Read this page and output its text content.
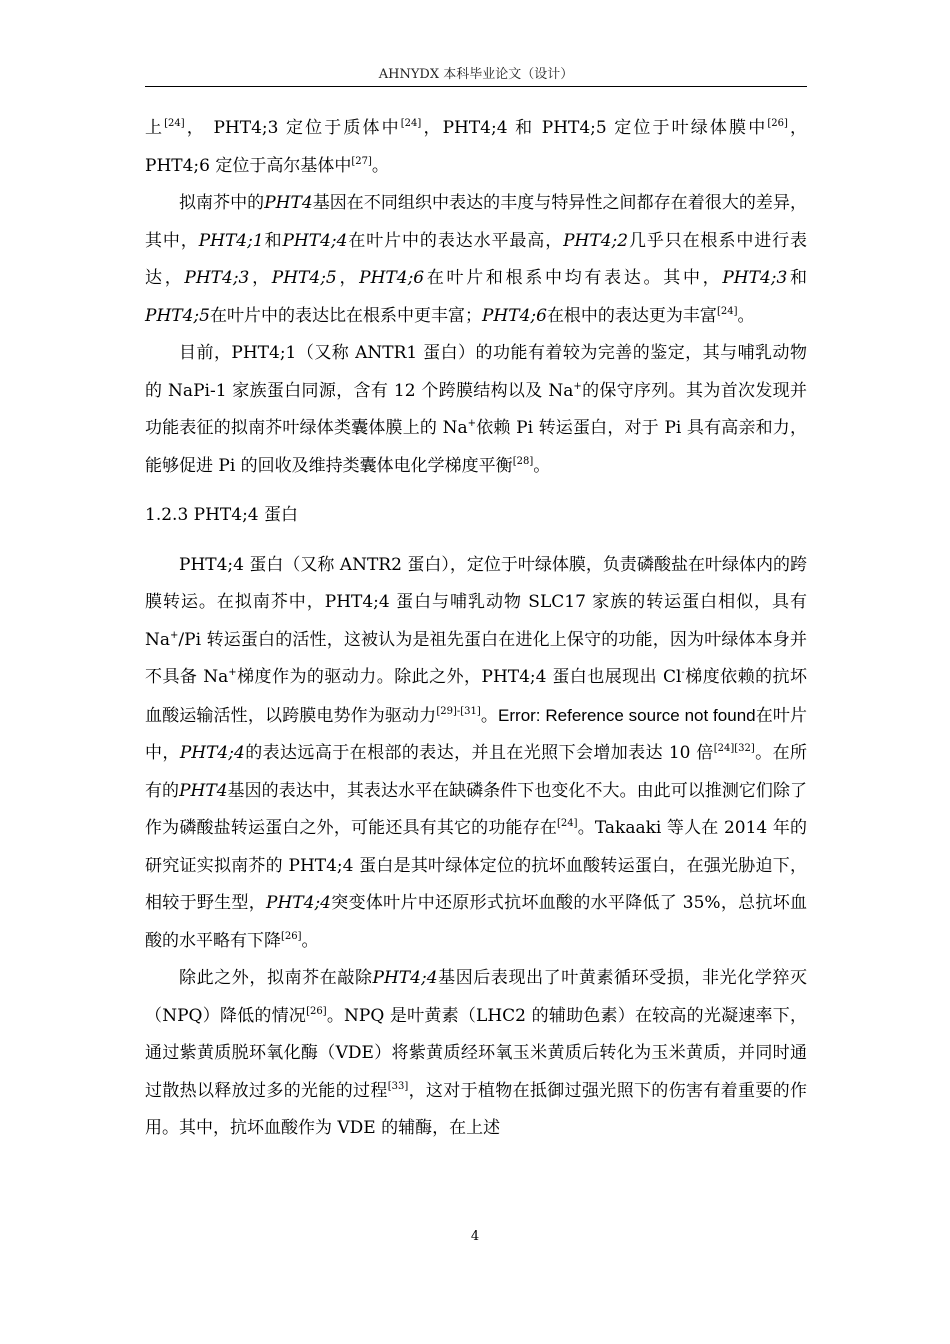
AHNYDX 本科毕业论文（设计）

上[24]， PHT4;3 定位于质体中[24]，PHT4;4 和 PHT4;5 定位于叶绿体膜中[26]，PHT4;6 定位于高尔基体中[27]。

拟南芥中的PHT4基因在不同组织中表达的丰度与特异性之间都存在着很大的差异，其中，PHT4;1和PHT4;4在叶片中的表达水平最高，PHT4;2几乎只在根系中进行表达，PHT4;3，PHT4;5，PHT4;6在叶片和根系中均有表达。其中，PHT4;3和PHT4;5在叶片中的表达比在根系中更丰富；PHT4;6在根中的表达更为丰富[24]。

目前，PHT4;1（又称 ANTR1 蛋白）的功能有着较为完善的鉴定，其与哺乳动物的 NaPi-1 家族蛋白同源，含有 12 个跨膜结构以及 Na+的保守序列。其为首次发现并功能表征的拟南芥叶绿体类囊体膜上的 Na+依赖 Pi 转运蛋白，对于 Pi 具有高亲和力，能够促进 Pi 的回收及维持类囊体电化学梯度平衡[28]。

1.2.3 PHT4;4 蛋白

PHT4;4 蛋白（又称 ANTR2 蛋白），定位于叶绿体膜，负责磷酸盐在叶绿体内的跨膜转运。在拟南芥中，PHT4;4 蛋白与哺乳动物 SLC17 家族的转运蛋白相似，具有 Na+/Pi 转运蛋白的活性，这被认为是祖先蛋白在进化上保守的功能，因为叶绿体本身并不具备 Na+梯度作为的驱动力。除此之外，PHT4;4 蛋白也展现出 Cl-梯度依赖的抗坏血酸运输活性，以跨膜电势作为驱动力[29]-[31]。Error: Reference source not found在叶片中，PHT4;4的表达远高于在根部的表达，并且在光照下会增加表达 10 倍[24][32]。在所有的PHT4基因的表达中，其表达水平在缺磷条件下也变化不大。由此可以推测它们除了作为磷酸盐转运蛋白之外，可能还具有其它的功能存在[24]。Takaaki 等人在 2014 年的研究证实拟南芥的 PHT4;4 蛋白是其叶绿体定位的抗坏血酸转运蛋白，在强光胁迫下，相较于野生型，PHT4;4突变体叶片中还原形式抗坏血酸的水平降低了 35%，总抗坏血酸的水平略有下降[26]。

除此之外，拟南芥在敲除PHT4;4基因后表现出了叶黄素循环受损，非光化学猝灭（NPQ）降低的情况[26]。NPQ 是叶黄素（LHC2 的辅助色素）在较高的光凝速率下，通过紫黄质脱环氧化酶（VDE）将紫黄质经环氧玉米黄质后转化为玉米黄质，并同时通过散热以释放过多的光能的过程[33]，这对于植物在抵御过强光照下的伤害有着重要的作用。其中，抗坏血酸作为 VDE 的辅酶，在上述

4
